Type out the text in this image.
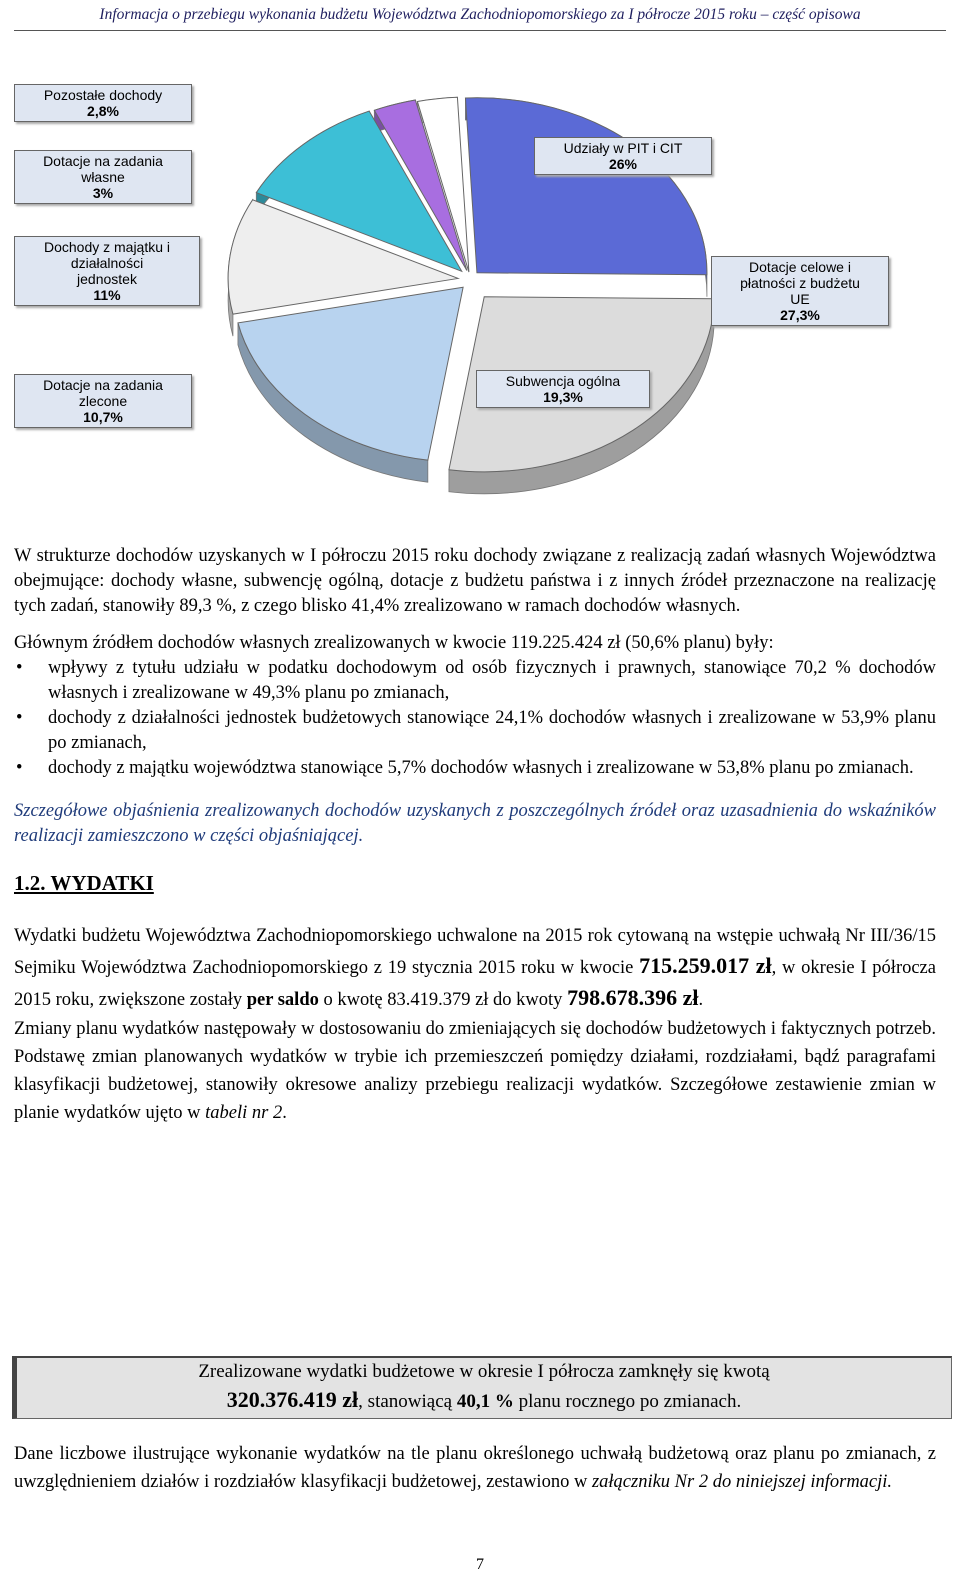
Informacja o przebiegu wykonania budżetu Województwa Zachodniopomorskiego za I półrocze 2015 roku – część opisowa
Pozostałe dochody
2,8%
Dotacje na zadania
własne
3%
Dochody z majątku i
działalności
jednostek
11%
Dotacje na zadania
zlecone
10,7%
Udziały w PIT i CIT
26%
Dotacje celowe i
płatności z budżetu
UE
27,3%
Subwencja ogólna
19,3%

W strukturze dochodów uzyskanych w I półroczu 2015 roku dochody związane z realizacją zadań własnych Województwa obejmujące: dochody własne, subwencję ogólną, dotacje z budżetu państwa i z innych źródeł przeznaczone na realizację tych zadań, stanowiły 89,3 %, z czego blisko 41,4% zrealizowano w ramach dochodów własnych.

Głównym źródłem dochodów własnych zrealizowanych w kwocie 119.225.424 zł (50,6% planu) były:

• wpływy z tytułu udziału w podatku dochodowym od osób fizycznych i prawnych, stanowiące 70,2 % dochodów własnych i zrealizowane w 49,3% planu po zmianach,
• dochody z działalności jednostek budżetowych stanowiące 24,1% dochodów własnych i zrealizowane w 53,9% planu po zmianach,
• dochody z majątku województwa stanowiące 5,7% dochodów własnych i zrealizowane w 53,8% planu po zmianach.

Szczegółowe objaśnienia zrealizowanych dochodów uzyskanych z poszczególnych źródeł oraz uzasadnienia do wskaźników realizacji zamieszczono w części objaśniającej.

1.2. WYDATKI

Wydatki budżetu Województwa Zachodniopomorskiego uchwalone na 2015 rok cytowaną na wstępie uchwałą Nr III/36/15 Sejmiku Województwa Zachodniopomorskiego z 19 stycznia 2015 roku w kwocie 715.259.017 zł, w okresie I półrocza 2015 roku, zwiększone zostały per saldo o kwotę 83.419.379 zł do kwoty 798.678.396 zł.

Zmiany planu wydatków następowały w dostosowaniu do zmieniających się dochodów budżetowych i faktycznych potrzeb. Podstawę zmian planowanych wydatków w trybie ich przemieszczeń pomiędzy działami, rozdziałami, bądź paragrafami klasyfikacji budżetowej, stanowiły okresowe analizy przebiegu realizacji wydatków. Szczegółowe zestawienie zmian w planie wydatków ujęto w tabeli nr 2.

Zrealizowane wydatki budżetowe w okresie I półrocza zamknęły się kwotą
320.376.419 zł, stanowiącą 40,1 % planu rocznego po zmianach.

Dane liczbowe ilustrujące wykonanie wydatków na tle planu określonego uchwałą budżetową oraz planu po zmianach, z uwzględnieniem działów i rozdziałów klasyfikacji budżetowej, zestawiono w załączniku Nr 2 do niniejszej informacji.

7
